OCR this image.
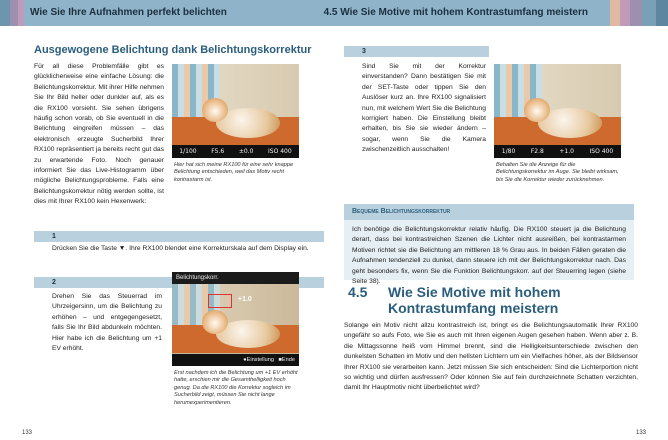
Wie Sie Ihre Aufnahmen perfekt belichten	4.5 Wie Sie Motive mit hohem Kontrastumfang meistern
Ausgewogene Belichtung dank Belichtungskorrektur
Für all diese Problemfälle gibt es glücklicherweise eine einfache Lösung: die Belichtungskorrektur. Mit ihrer Hilfe nehmen Sie Ihr Bild heller oder dunkler auf, als es die RX100 vorsieht. Sie sehen übrigens häufig schon vorab, ob Sie eventuell in die Belichtung eingreifen müssen – das elektronisch erzeugte Sucherbild Ihrer RX100 repräsentiert ja bereits recht gut das zu erwartende Foto. Noch genauer informiert Sie das Live-Histogramm über mögliche Belichtungsprobleme. Falls eine Belichtungskorrektur nötig werden sollte, ist dies mit Ihrer RX100 kein Hexenwerk:
1/100 F5.6 ±0.0 ISO 400
Hier hat sich meine RX100 für eine sehr knappe Belichtung entschieden, weil das Motiv recht kontrastarm ist.
1
Drücken Sie die Taste ▼. Ihre RX100 blendet eine Korrekturskala auf dem Display ein.
2
Drehen Sie das Steuerrad im Uhrzeigersinn, um die Belichtung zu erhöhen – und entgegengesetzt, falls Sie Ihr Bild abdunkeln möchten. Hier habe ich die Belichtung um +1 EV erhöht.
Belichtungskorr.
+1.0
●Einstellung ■Ende
Erst nachdem ich die Belichtung um +1 EV erhöht hatte, erschien mir die Gesamthelligkeit hoch genug. Da die RX100 die Korrektur sogleich im Sucherbild zeigt, müssen Sie nicht lange herumexperimentieren.
133
3
Sind Sie mit der Korrektur einverstanden? Dann bestätigen Sie mit der SET-Taste oder tippen Sie den Auslöser kurz an. Ihre RX100 signalisiert nun, mit welchem Wert Sie die Belichtung korrigiert haben. Die Einstellung bleibt erhalten, bis Sie sie wieder ändern – sogar, wenn Sie die Kamera zwischenzeitlich ausschalten!	1/80	F2.8	+1.0	ISO 400
Behalten Sie die Anzeige für die Belichtungskorrektur im Auge. Sie bleibt wirksam, bis Sie die Korrektur wieder zurücknehmen.
Bequeme Belichtungskorrektur
Ich benötige die Belichtungskorrektur relativ häufig. Die RX100 steuert ja die Belichtung derart, dass bei kontrastreichen Szenen die Lichter nicht ausreißen, bei kontrastarmen Motiven richtet sie die Belichtung am mittleren 18 % Grau aus. In beiden Fällen geraten die Aufnahmen tendenziell zu dunkel, dann steuere ich mit der Belichtungskorrektur nach. Das geht besonders fix, wenn Sie die Funktion Belichtungskorr. auf der Steuerring legen (siehe Seite 38).
4.5 Wie Sie Motive mit hohem
Kontrastumfang meistern
Solange ein Motiv nicht allzu kontrastreich ist, bringt es die Belichtungsautomatik Ihrer RX100 ungefähr so aufs Foto, wie Sie es auch mit Ihren eigenen Augen gesehen haben. Wenn aber z. B. die Mittagssonne heiß vom Himmel brennt, sind die Helligkeitsunterschiede zwischen den dunkelsten Schatten im Motiv und den hellsten Lichtern um ein Vielfaches höher, als der Bildsensor Ihrer RX100 sie verarbeiten kann. Jetzt müssen Sie sich entscheiden: Sind die Lichterportion nicht so wichtig und dürfen ausfressen? Oder können Sie auf fein durchzeichnete Schatten verzichten, damit Ihr Hauptmotiv nicht überbelichtet wird?
133
